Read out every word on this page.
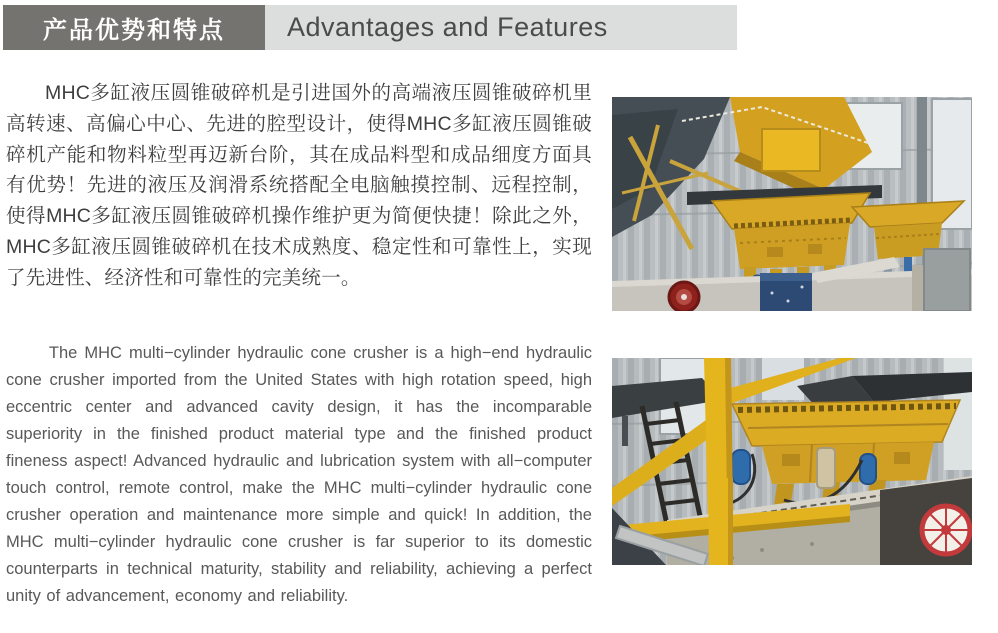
产品优势和特点 Advantages and Features

MHC多缸液压圆锥破碎机是引进国外的高端液压圆锥破碎机里高转速、高偏心中心、先进的腔型设计，使得MHC多缸液压圆锥破碎机产能和物料粒型再迈新台阶，其在成品料型和成品细度方面具有优势！先进的液压及润滑系统搭配全电脑触摸控制、远程控制，使得MHC多缸液压圆锥破碎机操作维护更为简便快捷！除此之外，MHC多缸液压圆锥破碎机在技术成熟度、稳定性和可靠性上，实现了先进性、经济性和可靠性的完美统一。

The MHC multi−cylinder hydraulic cone crusher is a high−end hydraulic cone crusher imported from the United States with high rotation speed, high eccentric center and advanced cavity design, it has the incomparable superiority in the finished product material type and the finished product fineness aspect! Advanced hydraulic and lubrication system with all−computer touch control, remote control, make the MHC multi−cylinder hydraulic cone crusher operation and maintenance more simple and quick! In addition, the MHC multi−cylinder hydraulic cone crusher is far superior to its domestic counterparts in technical maturity, stability and reliability, achieving a perfect unity of advancement, economy and reliability.
